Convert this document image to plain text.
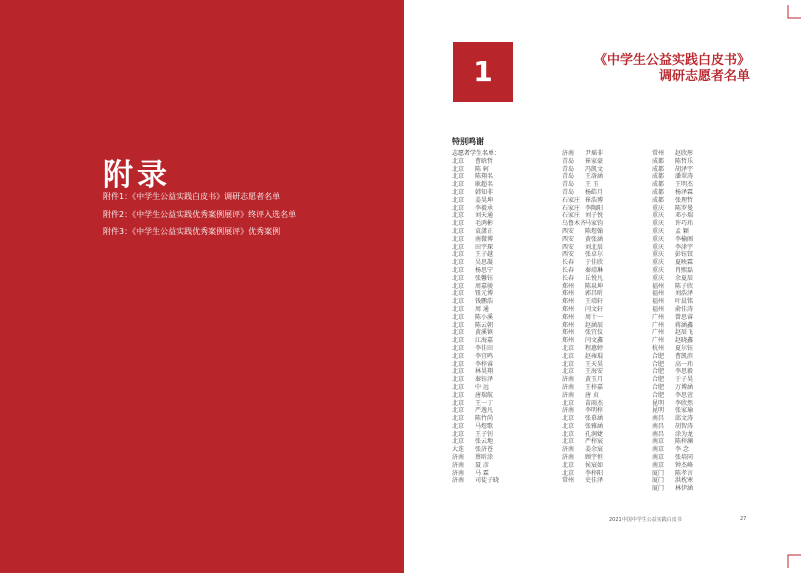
附录
附件1：《中学生公益实践白皮书》调研志愿者名单
附件2：《中学生公益实践优秀案例展评》终评入选名单
附件3：《中学生公益实践优秀案例展评》优秀案例
1	《中学生公益实践白皮书》
调研志愿者名单
特别鸣谢
志愿者学生名单：
北京 曹晗哲
北京 陈 轲
北京 陈翔名
北京 耿超名
北京 韩知非
北京 姜昊坤
北京 李毅承
北京 刘天通
北京 毛鸿彬
北京 袁潇正
北京 南微博
北京 田宇琛
北京 王子越
北京 吴思凝
北京 杨思宁
北京 张馨钰
北京 周嘉骏
北京 钮元博
北京 钱鹏浩
北京 周 通
北京 陈小溪
北京 陈云朝
北京 黄溪镇
北京 江海嘉
北京 李佳田
北京 李宜鸣
北京 李梓睿
北京 林昊翔
北京 秦钰泽
北京 中 远
北京 唐瑞航
北京 王一丁
北京 严逸凡
北京 陈竹尚
北京 马煜歌
北京 王子钊
北京 张云地
大连 张济苍
济南 蔡昕涂
济南 聂 彦
济南 马 霖
济南 司徒子晓
济南 尹瑶非
青岛 崔家豪
青岛 冯凯文
青岛 王洛涵
青岛 王 玉
青岛 杨皓月
石家庄 崔浩博
石家庄 李陶阳
石家庄 刘子悦
乌鲁木齐马家钧
西安 陈煜翰
西安 黄张涵
西安 刘北辰
西安 张卓尔
长春 于佳欣
长春 秦靖琳
长春 丘悦凡
郑州 陈泉坤
郑州 郭昌昕
郑州 王靖轩
郑州 闫文轩
郑州 周十一
郑州 赵涵辰
郑州 张宜仪
郑州 闫文鑫
北京 程惠婷
北京 赵雍琨
北京 王天昊
北京 王海安
济南 黄玉月
济南 王梓嘉
济南 唐 贞
北京 苗雨杰
济南 李明梓
北京 张慕涵
北京 张雅涵
北京 孔润婕
北京 严梓宸
济南 姜余宸
济南 顾宇恒
北京 侯宸如
北京 李梓阳
常州 史佳泽
常州 赵欣彤
成都 陈哲乐
成都 胡泽宇
成都 潘翠涛
成都 王明杰
成都 杨泽霖
成都 张理哲
重庆 陈罗曼
重庆 邓小瑞
重庆 许巧玮
重庆 孟 颖
重庆 李榆阁
重庆 李津宇
重庆 彭钰钗
重庆 夏映霖
重庆 肖熙磊
重庆 余夏辰
福州 陈子欣
福州 刘浩泽
福州 叶晨铭
福州 俞佳涛
广州 曾思睿
广州 蒋涵鑫
广州 赵辰飞
广州 赵晓鑫
杭州 夏尔钰
合肥 曹凯滨
合肥 高一玮
合肥 李思毅
合肥 于子昊
合肥 万博涵
合肥 李思萱
昆明 李欣然
昆明 张家瑜
南昌 邱文涛
南昌 胡智涛
南昌 涂为龙
南京 陈梓澜
南京 李 念
南京 张培同
南京 钟杰峰
厦门 陈孝言
厦门 洪枕寒
厦门 林伊涵
2021中国中学生公益实践白皮书	27
